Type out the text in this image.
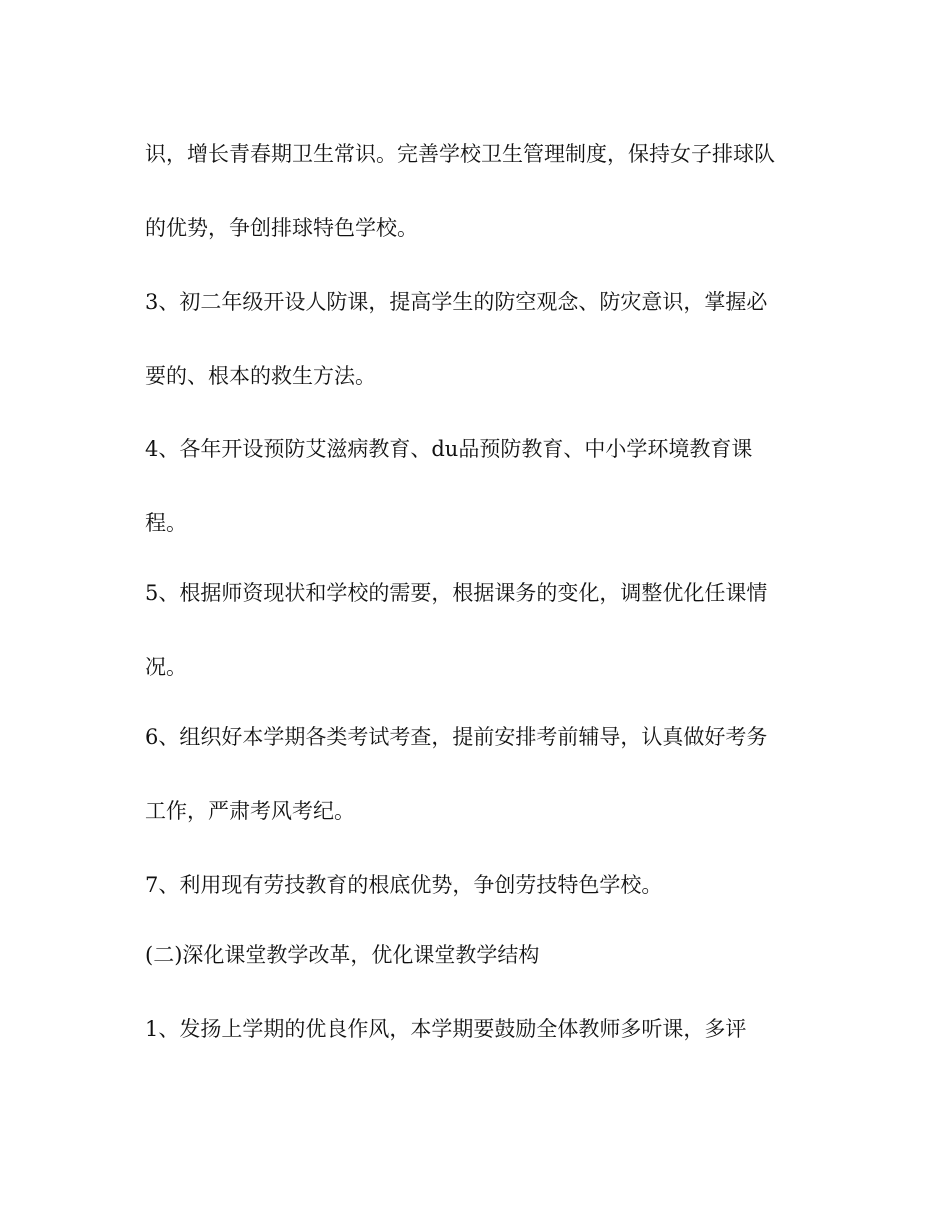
识，增长青春期卫生常识。完善学校卫生管理制度，保持女子排球队
的优势，争创排球特色学校。
3、初二年级开设人防课，提高学生的防空观念、防灾意识，掌握必
要的、根本的救生方法。
4、各年开设预防艾滋病教育、du品预防教育、中小学环境教育课
程。
5、根据师资现状和学校的需要，根据课务的变化，调整优化任课情
况。
6、组织好本学期各类考试考查，提前安排考前辅导，认真做好考务
工作，严肃考风考纪。
7、利用现有劳技教育的根底优势，争创劳技特色学校。
(二)深化课堂教学改革，优化课堂教学结构
1、发扬上学期的优良作风，本学期要鼓励全体教师多听课，多评
